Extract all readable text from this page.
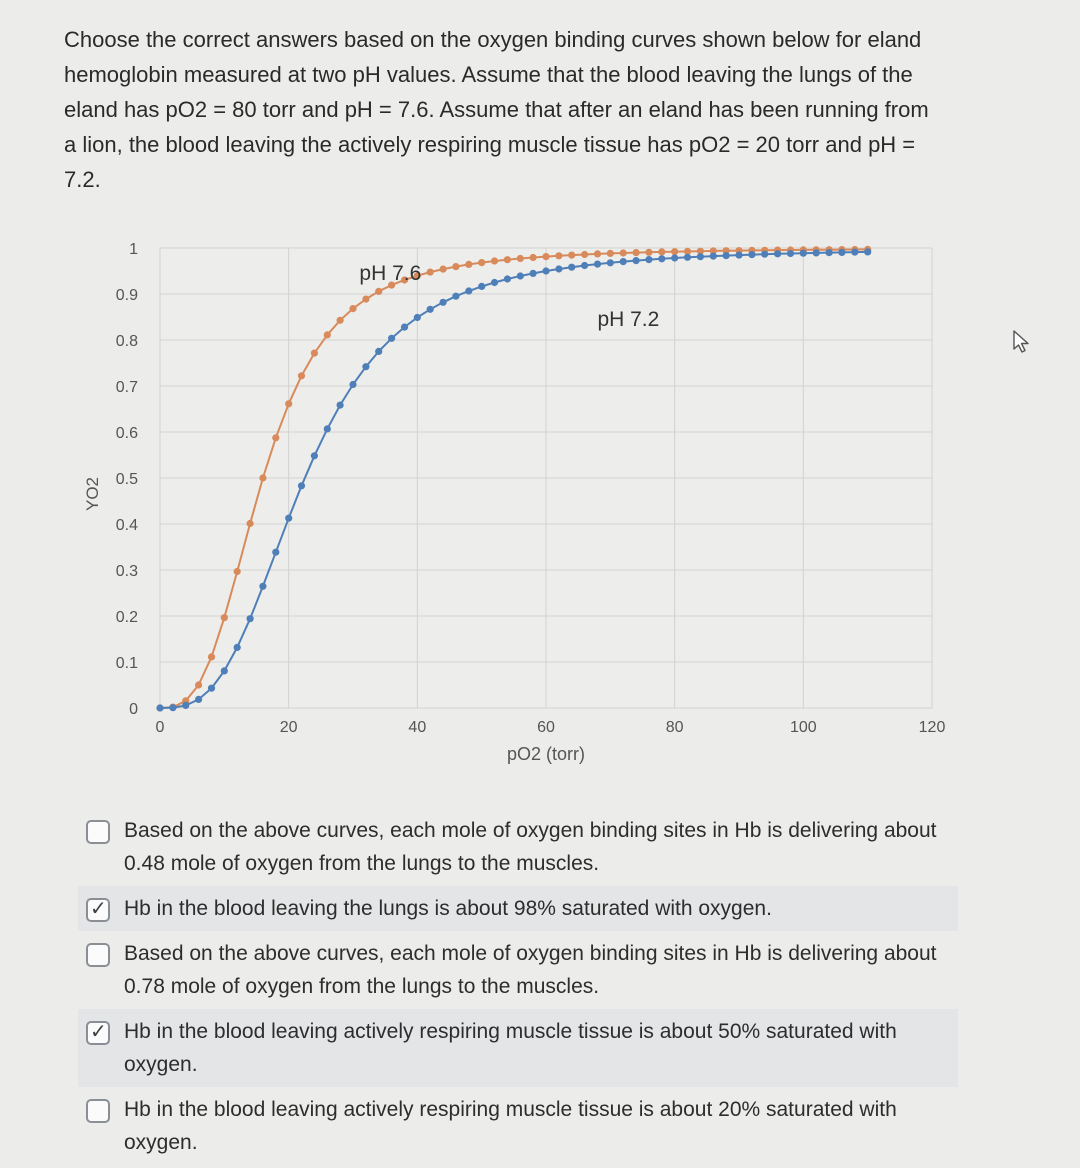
Choose the correct answers based on the oxygen binding curves shown below for eland hemoglobin measured at two pH values. Assume that the blood leaving the lungs of the eland has pO2 = 80 torr and pH = 7.6. Assume that after an eland has been running from a lion, the blood leaving the actively respiring muscle tissue has pO2 = 20 torr and pH = 7.2.
0
0.1
0.2
0.3
0.4
0.5
0.6
0.7
0.8
0.9
1
0	20	40	60	80	100	120
pO2 (torr)
YO2
pH 7.6
pH 7.2
Based on the above curves, each mole of oxygen binding sites in Hb is delivering about 0.48 mole of oxygen from the lungs to the muscles.
✓ Hb in the blood leaving the lungs is about 98% saturated with oxygen.
Based on the above curves, each mole of oxygen binding sites in Hb is delivering about 0.78 mole of oxygen from the lungs to the muscles.
✓ Hb in the blood leaving actively respiring muscle tissue is about 50% saturated with oxygen.
Hb in the blood leaving actively respiring muscle tissue is about 20% saturated with oxygen.
